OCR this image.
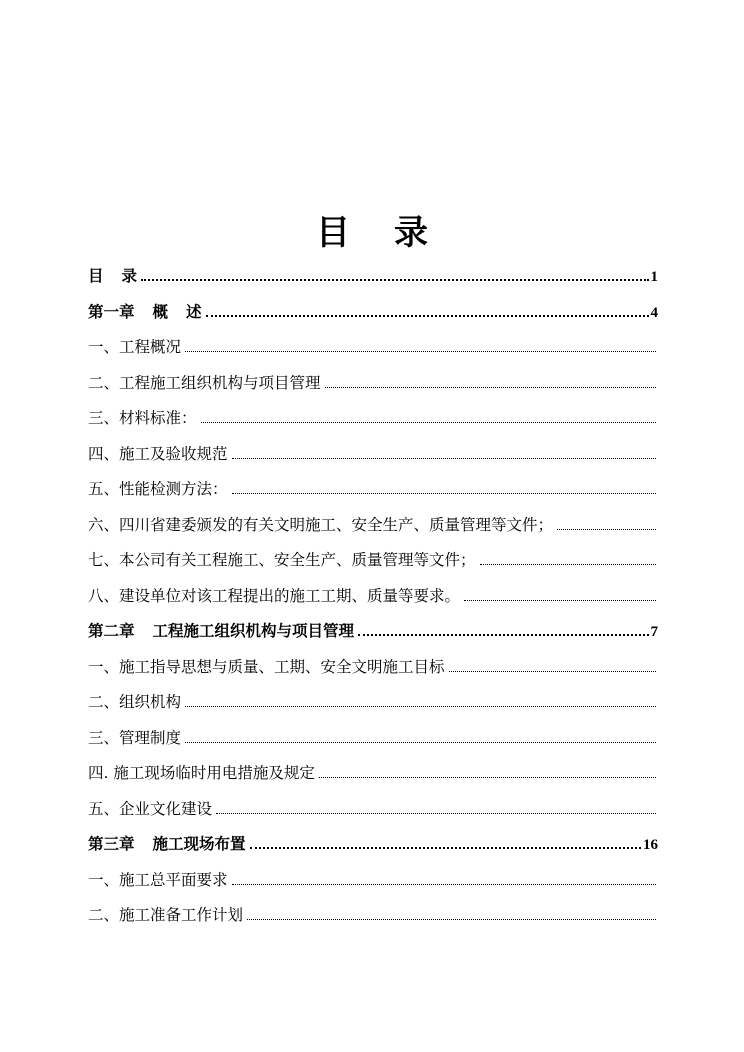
目 录
目 录	1
第一章 概 述	4
一、工程概况
二、工程施工组织机构与项目管理
三、材料标准：
四、施工及验收规范
五、性能检测方法：
六、四川省建委颁发的有关文明施工、安全生产、质量管理等文件；
七、本公司有关工程施工、安全生产、质量管理等文件；
八、建设单位对该工程提出的施工工期、质量等要求。
第二章 工程施工组织机构与项目管理	7
一、施工指导思想与质量、工期、安全文明施工目标
二、组织机构
三、管理制度
四. 施工现场临时用电措施及规定
五、企业文化建设
第三章 施工现场布置	16
一、施工总平面要求
二、施工准备工作计划
